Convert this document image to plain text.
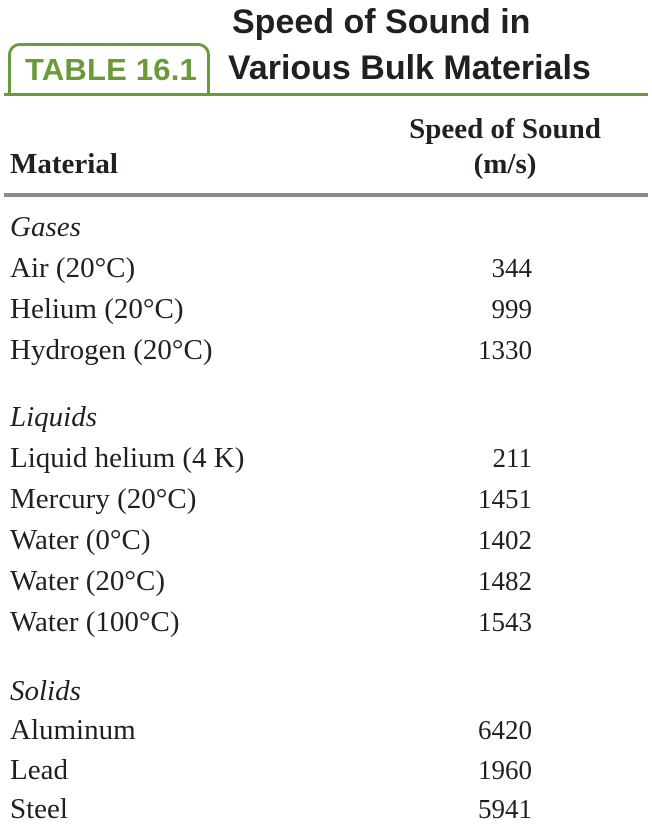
Speed of Sound in
Various Bulk Materials
TABLE 16.1
Material
Speed of Sound
(m/s)
Gases
Air (20°C)	344
Helium (20°C)	999
Hydrogen (20°C)	1330
Liquids
Liquid helium (4 K)	211
Mercury (20°C)	1451
Water (0°C)	1402
Water (20°C)	1482
Water (100°C)	1543
Solids
Aluminum	6420
Lead	1960
Steel	5941
